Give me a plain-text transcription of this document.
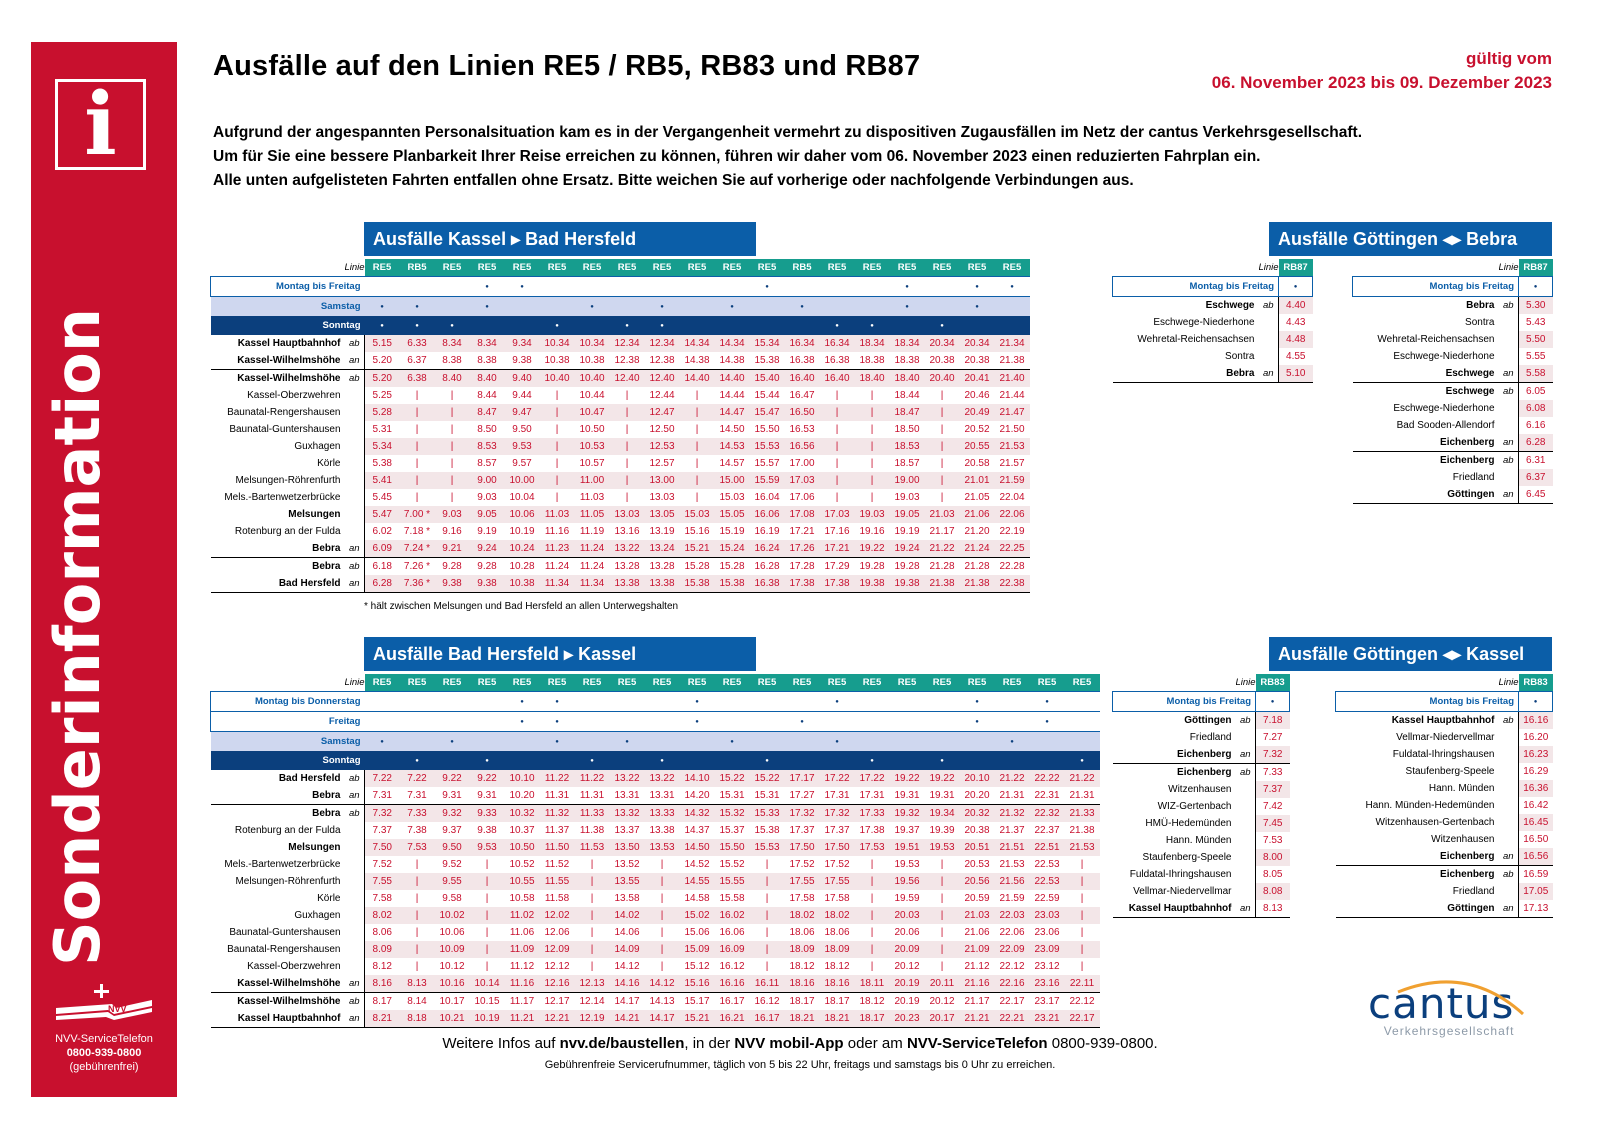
i
Sonderinformation
NVV
NVV-ServiceTelefon
0800-939-0800
(gebührenfrei)
Ausfälle auf den Linien RE5 / RB5, RB83 und RB87	gültig vom
06. November 2023 bis 09. Dezember 2023
Aufgrund der angespannten Personalsituation kam es in der Vergangenheit vermehrt zu dispositiven Zugausfällen im Netz der cantus Verkehrsgesellschaft.
Um für Sie eine bessere Planbarkeit Ihrer Reise erreichen zu können, führen wir daher vom 06. November 2023 einen reduzierten Fahrplan ein.
Alle unten aufgelisteten Fahrten entfallen ohne Ersatz. Bitte weichen Sie auf vorherige oder nachfolgende Verbindungen aus.
Ausfälle Kassel ▸ Bad Hersfeld
	Linie	RE5	RB5	RE5	RE5	RE5	RE5	RE5	RE5	RE5	RE5	RE5	RE5	RB5	RE5	RE5	RE5	RE5	RE5	RE5
Montag bis Freitag				●	●							●				●		●	●
Samstag	●	●		●			●		●		●		●			●		●	
Sonntag	●	●	●			●		●	●					●	●		●		
Kassel Hauptbahnhof	ab	5.15	6.33	8.34	8.34	9.34	10.34	10.34	12.34	12.34	14.34	14.34	15.34	16.34	16.34	18.34	18.34	20.34	20.34	21.34
Kassel-Wilhelmshöhe	an	5.20	6.37	8.38	8.38	9.38	10.38	10.38	12.38	12.38	14.38	14.38	15.38	16.38	16.38	18.38	18.38	20.38	20.38	21.38
Kassel-Wilhelmshöhe	ab	5.20	6.38	8.40	8.40	9.40	10.40	10.40	12.40	12.40	14.40	14.40	15.40	16.40	16.40	18.40	18.40	20.40	20.41	21.40
Kassel-Oberzwehren		5.25	|	|	8.44	9.44	|	10.44	|	12.44	|	14.44	15.44	16.47	|	|	18.44	|	20.46	21.44
Baunatal-Rengershausen		5.28	|	|	8.47	9.47	|	10.47	|	12.47	|	14.47	15.47	16.50	|	|	18.47	|	20.49	21.47
Baunatal-Guntershausen		5.31	|	|	8.50	9.50	|	10.50	|	12.50	|	14.50	15.50	16.53	|	|	18.50	|	20.52	21.50
Guxhagen		5.34	|	|	8.53	9.53	|	10.53	|	12.53	|	14.53	15.53	16.56	|	|	18.53	|	20.55	21.53
Körle		5.38	|	|	8.57	9.57	|	10.57	|	12.57	|	14.57	15.57	17.00	|	|	18.57	|	20.58	21.57
Melsungen-Röhrenfurth		5.41	|	|	9.00	10.00	|	11.00	|	13.00	|	15.00	15.59	17.03	|	|	19.00	|	21.01	21.59
Mels.-Bartenwetzerbrücke		5.45	|	|	9.03	10.04	|	11.03	|	13.03	|	15.03	16.04	17.06	|	|	19.03	|	21.05	22.04
Melsungen		5.47	7.00 *	9.03	9.05	10.06	11.03	11.05	13.03	13.05	15.03	15.05	16.06	17.08	17.03	19.03	19.05	21.03	21.06	22.06
Rotenburg an der Fulda		6.02	7.18 *	9.16	9.19	10.19	11.16	11.19	13.16	13.19	15.16	15.19	16.19	17.21	17.16	19.16	19.19	21.17	21.20	22.19
Bebra	an	6.09	7.24 *	9.21	9.24	10.24	11.23	11.24	13.22	13.24	15.21	15.24	16.24	17.26	17.21	19.22	19.24	21.22	21.24	22.25
Bebra	ab	6.18	7.26 *	9.28	9.28	10.28	11.24	11.24	13.28	13.28	15.28	15.28	16.28	17.28	17.29	19.28	19.28	21.28	21.28	22.28
Bad Hersfeld	an	6.28	7.36 *	9.38	9.38	10.38	11.34	11.34	13.38	13.38	15.38	15.38	16.38	17.38	17.38	19.38	19.38	21.38	21.38	22.38
* hält zwischen Melsungen und Bad Hersfeld an allen Unterwegshalten
Ausfälle Bad Hersfeld ▸ Kassel
	Linie	RE5	RE5	RE5	RE5	RE5	RE5	RE5	RE5	RE5	RE5	RE5	RE5	RE5	RE5	RE5	RE5	RE5	RE5	RE5	RE5	RE5
Montag bis Donnerstag					●	●				●				●				●		●	
Freitag					●	●				●			●					●		●	
Samstag	●		●			●		●			●			●					●		
Sonntag		●		●			●		●			●			●		●				●
Bad Hersfeld	ab	7.22	7.22	9.22	9.22	10.10	11.22	11.22	13.22	13.22	14.10	15.22	15.22	17.17	17.22	17.22	19.22	19.22	20.10	21.22	22.22	21.22
Bebra	an	7.31	7.31	9.31	9.31	10.20	11.31	11.31	13.31	13.31	14.20	15.31	15.31	17.27	17.31	17.31	19.31	19.31	20.20	21.31	22.31	21.31
Bebra	ab	7.32	7.33	9.32	9.33	10.32	11.32	11.33	13.32	13.33	14.32	15.32	15.33	17.32	17.32	17.33	19.32	19.34	20.32	21.32	22.32	21.33
Rotenburg an der Fulda		7.37	7.38	9.37	9.38	10.37	11.37	11.38	13.37	13.38	14.37	15.37	15.38	17.37	17.37	17.38	19.37	19.39	20.38	21.37	22.37	21.38
Melsungen		7.50	7.53	9.50	9.53	10.50	11.50	11.53	13.50	13.53	14.50	15.50	15.53	17.50	17.50	17.53	19.51	19.53	20.51	21.51	22.51	21.53
Mels.-Bartenwetzerbrücke		7.52	|	9.52	|	10.52	11.52	|	13.52	|	14.52	15.52	|	17.52	17.52	|	19.53	|	20.53	21.53	22.53	|
Melsungen-Röhrenfurth		7.55	|	9.55	|	10.55	11.55	|	13.55	|	14.55	15.55	|	17.55	17.55	|	19.56	|	20.56	21.56	22.53	|
Körle		7.58	|	9.58	|	10.58	11.58	|	13.58	|	14.58	15.58	|	17.58	17.58	|	19.59	|	20.59	21.59	22.59	|
Guxhagen		8.02	|	10.02	|	11.02	12.02	|	14.02	|	15.02	16.02	|	18.02	18.02	|	20.03	|	21.03	22.03	23.03	|
Baunatal-Guntershausen		8.06	|	10.06	|	11.06	12.06	|	14.06	|	15.06	16.06	|	18.06	18.06	|	20.06	|	21.06	22.06	23.06	|
Baunatal-Rengershausen		8.09	|	10.09	|	11.09	12.09	|	14.09	|	15.09	16.09	|	18.09	18.09	|	20.09	|	21.09	22.09	23.09	|
Kassel-Oberzwehren		8.12	|	10.12	|	11.12	12.12	|	14.12	|	15.12	16.12	|	18.12	18.12	|	20.12	|	21.12	22.12	23.12	|
Kassel-Wilhelmshöhe	an	8.16	8.13	10.16	10.14	11.16	12.16	12.13	14.16	14.12	15.16	16.16	16.11	18.16	18.16	18.11	20.19	20.11	21.16	22.16	23.16	22.11
Kassel-Wilhelmshöhe	ab	8.17	8.14	10.17	10.15	11.17	12.17	12.14	14.17	14.13	15.17	16.17	16.12	18.17	18.17	18.12	20.19	20.12	21.17	22.17	23.17	22.12
Kassel Hauptbahnhof	an	8.21	8.18	10.21	10.19	11.21	12.21	12.19	14.21	14.17	15.21	16.21	16.17	18.21	18.21	18.17	20.23	20.17	21.21	22.21	23.21	22.17
Ausfälle Göttingen ◂▸ Bebra
	Linie	RB87
Montag bis Freitag	●
Eschwege	ab	4.40
Eschwege-Niederhone		4.43
Wehretal-Reichensachsen		4.48
Sontra		4.55
Bebra	an	5.10
	Linie	RB87
Montag bis Freitag	●
Bebra	ab	5.30
Sontra		5.43
Wehretal-Reichensachsen		5.50
Eschwege-Niederhone		5.55
Eschwege	an	5.58
Eschwege	ab	6.05
Eschwege-Niederhone		6.08
Bad Sooden-Allendorf		6.16
Eichenberg	an	6.28
Eichenberg	ab	6.31
Friedland		6.37
Göttingen	an	6.45
Ausfälle Göttingen ◂▸ Kassel
	Linie	RB83
Montag bis Freitag	●
Göttingen	ab	7.18
Friedland		7.27
Eichenberg	an	7.32
Eichenberg	ab	7.33
Witzenhausen		7.37
WIZ-Gertenbach		7.42
HMÜ-Hedemünden		7.45
Hann. Münden		7.53
Staufenberg-Speele		8.00
Fuldatal-Ihringshausen		8.05
Vellmar-Niedervellmar		8.08
Kassel Hauptbahnhof	an	8.13
	Linie	RB83
Montag bis Freitag	●
Kassel Hauptbahnhof	ab	16.16
Vellmar-Niedervellmar		16.20
Fuldatal-Ihringshausen		16.23
Staufenberg-Speele		16.29
Hann. Münden		16.36
Hann. Münden-Hedemünden		16.42
Witzenhausen-Gertenbach		16.45
Witzenhausen		16.50
Eichenberg	an	16.56
Eichenberg	ab	16.59
Friedland		17.05
Göttingen	an	17.13
Weitere Infos auf nvv.de/baustellen, in der NVV mobil-App oder am NVV-ServiceTelefon 0800-939-0800.
Gebührenfreie Servicerufnummer, täglich von 5 bis 22 Uhr, freitags und samstags bis 0 Uhr zu erreichen.
cantus
Verkehrsgesellschaft
